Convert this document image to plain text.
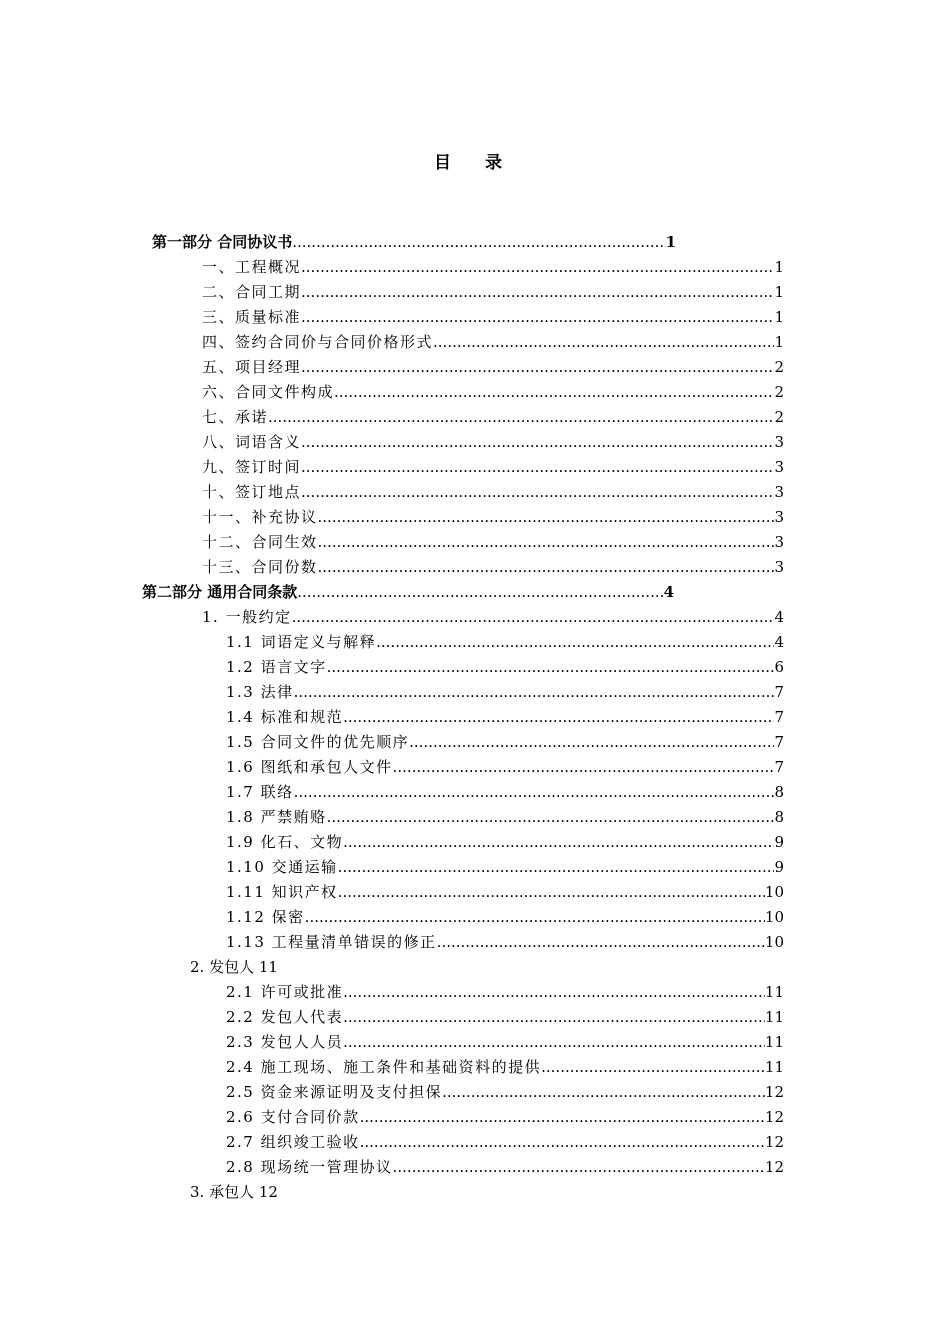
目 录
第一部分 合同协议书 .....	1
一、工程概况 .....	1
二、合同工期 .....	1
三、质量标准 .....	1
四、签约合同价与合同价格形式 .....	1
五、项目经理 .....	2
六、合同文件构成 .....	2
七、承诺 .....	2
八、词语含义 .....	3
九、签订时间 .....	3
十、签订地点 .....	3
十一、补充协议 .....	3
十二、合同生效 .....	3
十三、合同份数 .....	3
第二部分 通用合同条款 .....	4
1. 一般约定 .....	4
1.1 词语定义与解释 .....	4
1.2 语言文字 .....	6
1.3 法律 .....	7
1.4 标准和规范 .....	7
1.5 合同文件的优先顺序 .....	7
1.6 图纸和承包人文件 .....	7
1.7 联络 .....	8
1.8 严禁贿赂 .....	8
1.9 化石、文物 .....	9
1.10 交通运输 .....	9
1.11 知识产权 .....	10
1.12 保密 .....	10
1.13 工程量清单错误的修正 .....	10
2. 发包人 11
2.1 许可或批准 .....	11
2.2 发包人代表 .....	11
2.3 发包人人员 .....	11
2.4 施工现场、施工条件和基础资料的提供 .....	11
2.5 资金来源证明及支付担保 .....	12
2.6 支付合同价款 .....	12
2.7 组织竣工验收 .....	12
2.8 现场统一管理协议 .....	12
3. 承包人 12
